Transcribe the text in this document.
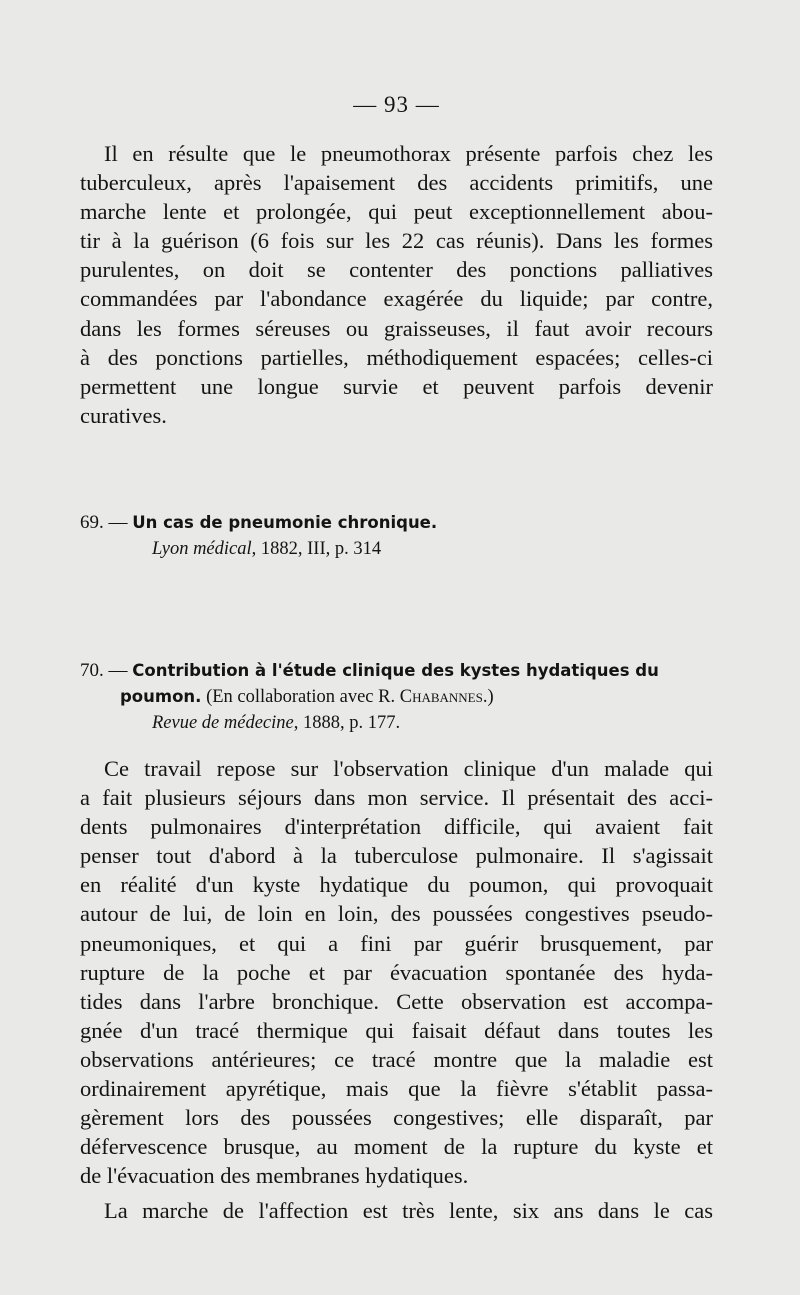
— 93 —
Il en résulte que le pneumothorax présente parfois chez les
tuberculeux, après l'apaisement des accidents primitifs, une
marche lente et prolongée, qui peut exceptionnellement abou-
tir à la guérison (6 fois sur les 22 cas réunis). Dans les formes
purulentes, on doit se contenter des ponctions palliatives
commandées par l'abondance exagérée du liquide; par contre,
dans les formes séreuses ou graisseuses, il faut avoir recours
à des ponctions partielles, méthodiquement espacées; celles-ci
permettent une longue survie et peuvent parfois devenir
curatives.
69. — Un cas de pneumonie chronique.
Lyon médical, 1882, III, p. 314
70. — Contribution à l'étude clinique des kystes hydatiques du
poumon. (En collaboration avec R. Chabannes.)
Revue de médecine, 1888, p. 177.
Ce travail repose sur l'observation clinique d'un malade qui
a fait plusieurs séjours dans mon service. Il présentait des acci-
dents pulmonaires d'interprétation difficile, qui avaient fait
penser tout d'abord à la tuberculose pulmonaire. Il s'agissait
en réalité d'un kyste hydatique du poumon, qui provoquait
autour de lui, de loin en loin, des poussées congestives pseudo-
pneumoniques, et qui a fini par guérir brusquement, par
rupture de la poche et par évacuation spontanée des hyda-
tides dans l'arbre bronchique. Cette observation est accompa-
gnée d'un tracé thermique qui faisait défaut dans toutes les
observations antérieures; ce tracé montre que la maladie est
ordinairement apyrétique, mais que la fièvre s'établit passa-
gèrement lors des poussées congestives; elle disparaît, par
défervescence brusque, au moment de la rupture du kyste et
de l'évacuation des membranes hydatiques.
La marche de l'affection est très lente, six ans dans le cas
